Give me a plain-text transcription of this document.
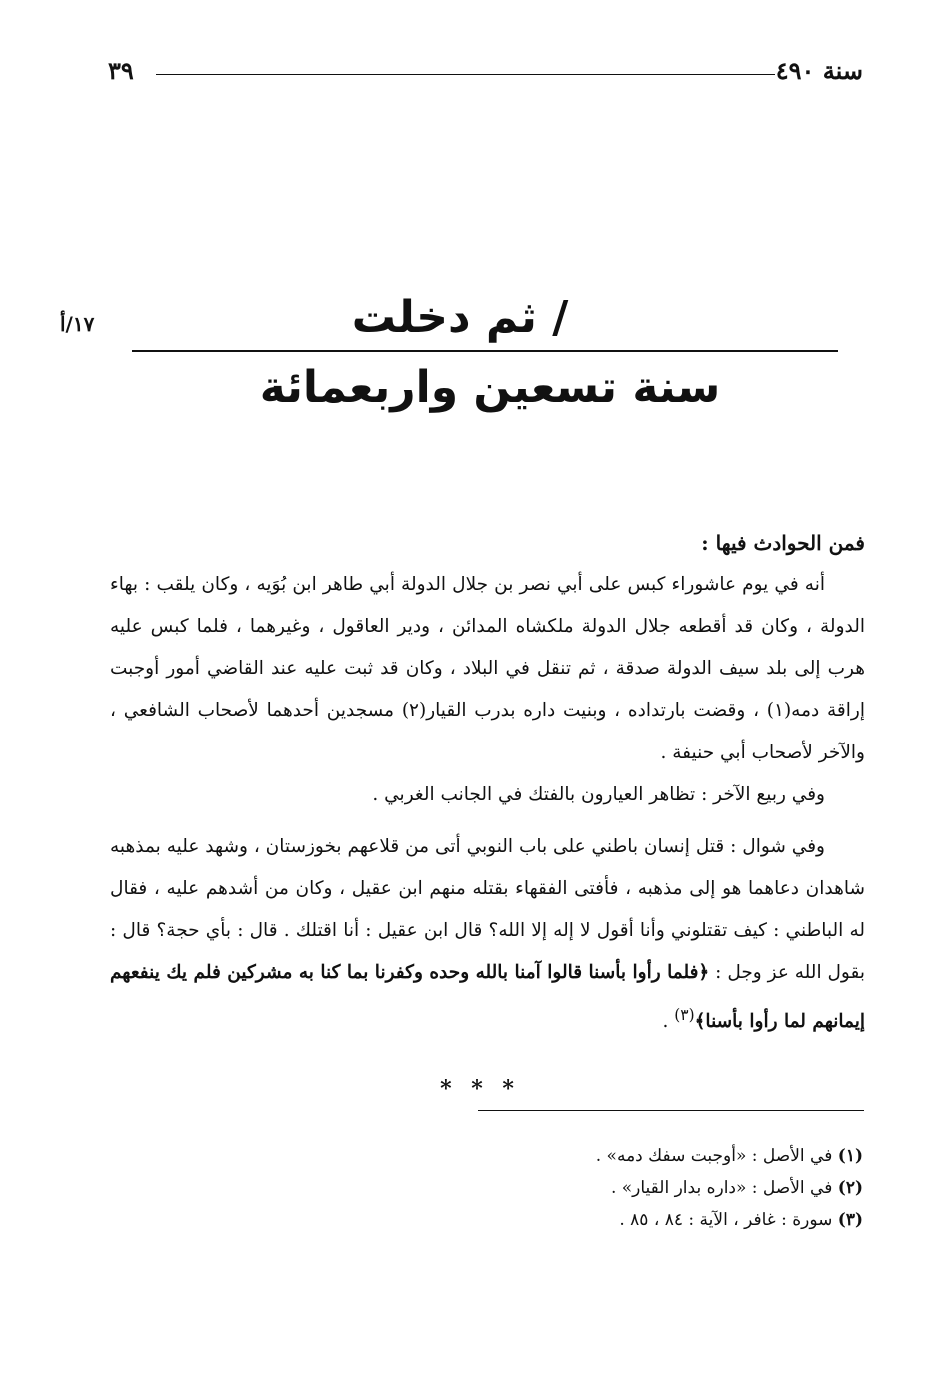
سنة ٤٩٠
٣٩
١٧/أ	/ ثم دخلت
سنة تسعين واربعمائة
فمن الحوادث فيها :

أنه في يوم عاشوراء كبس على أبي نصر بن جلال الدولة أبي طاهر ابن بُوَيه ، وكان يلقب : بهاء الدولة ، وكان قد أقطعه جلال الدولة ملكشاه المدائن ، ودير العاقول ، وغيرهما ، فلما كبس عليه هرب إلى بلد سيف الدولة صدقة ، ثم تنقل في البلاد ، وكان قد ثبت عليه عند القاضي أمور أوجبت إراقة دمه(١) ، وقضت بارتداده ، وبنيت داره بدرب القيار(٢) مسجدين أحدهما لأصحاب الشافعي ، والآخر لأصحاب أبي حنيفة .

وفي ربيع الآخر : تظاهر العيارون بالفتك في الجانب الغربي .

وفي شوال : قتل إنسان باطني على باب النوبي أتى من قلاعهم بخوزستان ، وشهد عليه بمذهبه شاهدان دعاهما هو إلى مذهبه ، فأفتى الفقهاء بقتله منهم ابن عقيل ، وكان من أشدهم عليه ، فقال له الباطني : كيف تقتلوني وأنا أقول لا إله إلا الله؟ قال ابن عقيل : أنا اقتلك . قال : بأي حجة؟ قال : بقول الله عز وجل : ﴿فلما رأوا بأسنا قالوا آمنا بالله وحده وكفرنا بما كنا به مشركين فلم يك ينفعهم إيمانهم لما رأوا بأسنا﴾$^{(٣)}$ .

* * *

(١) في الأصل : «أوجبت سفك دمه» .

(٢) في الأصل : «داره بدار القيار» .

(٣) سورة : غافر ، الآية : ٨٤ ، ٨٥ .
